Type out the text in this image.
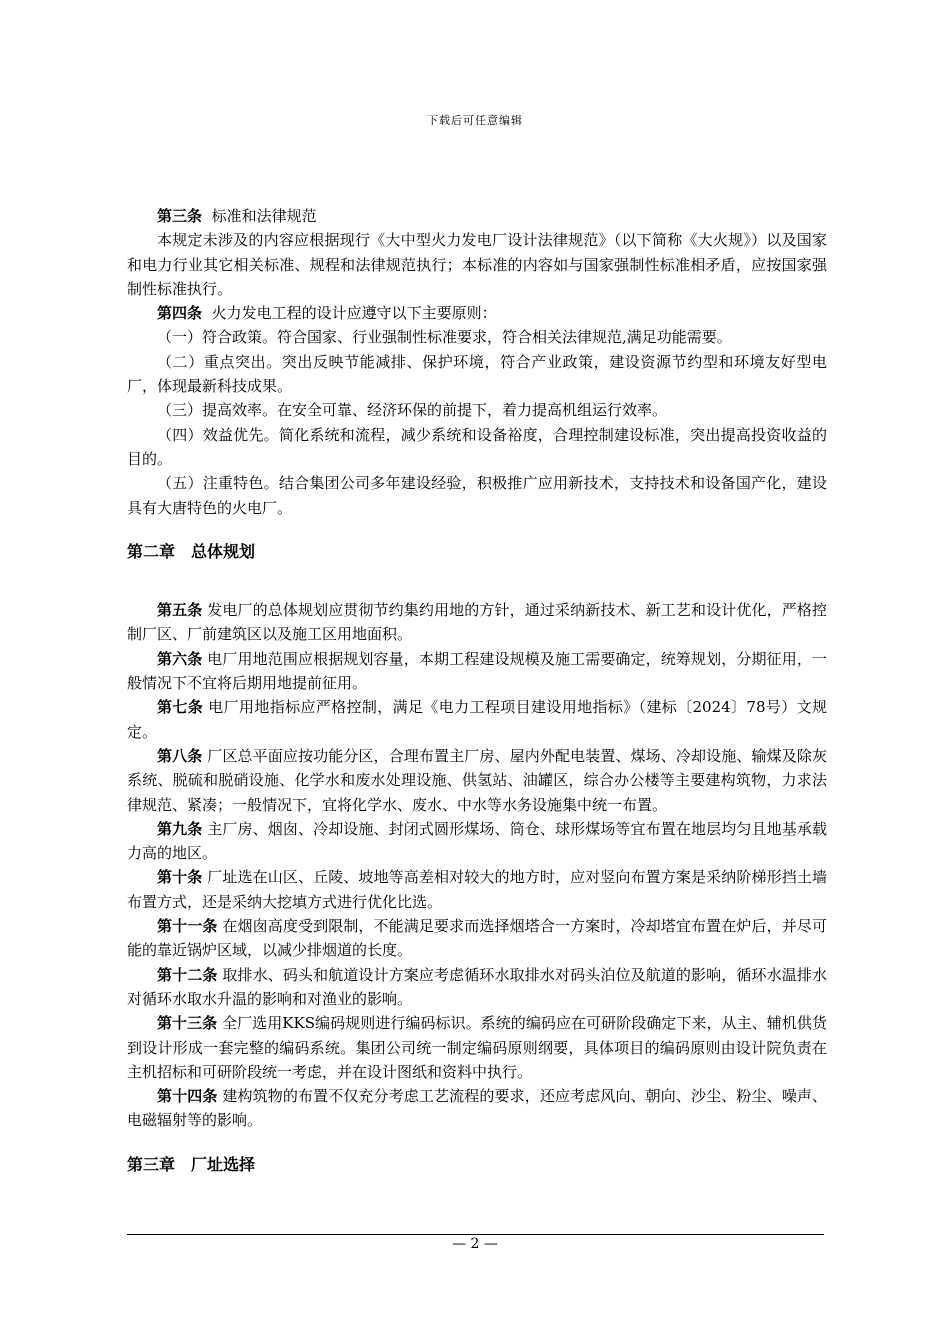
下载后可任意编辑

第三条 标准和法律规范

本规定未涉及的内容应根据现行《大中型火力发电厂设计法律规范》（以下简称《大火规》）以及国家和电力行业其它相关标准、规程和法律规范执行；本标准的内容如与国家强制性标准相矛盾，应按国家强制性标准执行。

第四条 火力发电工程的设计应遵守以下主要原则：

（一）符合政策。符合国家、行业强制性标准要求，符合相关法律规范,满足功能需要。

（二）重点突出。突出反映节能减排、保护环境，符合产业政策，建设资源节约型和环境友好型电厂，体现最新科技成果。

（三）提高效率。在安全可靠、经济环保的前提下，着力提高机组运行效率。

（四）效益优先。简化系统和流程，减少系统和设备裕度，合理控制建设标准，突出提高投资收益的目的。

（五）注重特色。结合集团公司多年建设经验，积极推广应用新技术，支持技术和设备国产化，建设具有大唐特色的火电厂。

第二章　总体规划

第五条 发电厂的总体规划应贯彻节约集约用地的方针，通过采纳新技术、新工艺和设计优化，严格控制厂区、厂前建筑区以及施工区用地面积。

第六条 电厂用地范围应根据规划容量，本期工程建设规模及施工需要确定，统筹规划，分期征用，一般情况下不宜将后期用地提前征用。

第七条 电厂用地指标应严格控制，满足《电力工程项目建设用地指标》（建标〔2024〕78号）文规定。

第八条 厂区总平面应按功能分区，合理布置主厂房、屋内外配电装置、煤场、冷却设施、输煤及除灰系统、脱硫和脱硝设施、化学水和废水处理设施、供氢站、油罐区，综合办公楼等主要建构筑物，力求法律规范、紧凑；一般情况下，宜将化学水、废水、中水等水务设施集中统一布置。

第九条 主厂房、烟囱、冷却设施、封闭式圆形煤场、筒仓、球形煤场等宜布置在地层均匀且地基承载力高的地区。

第十条 厂址选在山区、丘陵、坡地等高差相对较大的地方时，应对竖向布置方案是采纳阶梯形挡土墙布置方式，还是采纳大挖填方式进行优化比选。

第十一条 在烟囱高度受到限制，不能满足要求而选择烟塔合一方案时，冷却塔宜布置在炉后，并尽可能的靠近锅炉区域，以减少排烟道的长度。

第十二条 取排水、码头和航道设计方案应考虑循环水取排水对码头泊位及航道的影响，循环水温排水对循环水取水升温的影响和对渔业的影响。

第十三条 全厂选用KKS编码规则进行编码标识。系统的编码应在可研阶段确定下来，从主、辅机供货到设计形成一套完整的编码系统。集团公司统一制定编码原则纲要，具体项目的编码原则由设计院负责在主机招标和可研阶段统一考虑，并在设计图纸和资料中执行。

第十四条 建构筑物的布置不仅充分考虑工艺流程的要求，还应考虑风向、朝向、沙尘、粉尘、噪声、电磁辐射等的影响。

第三章　厂址选择

— 2 —
